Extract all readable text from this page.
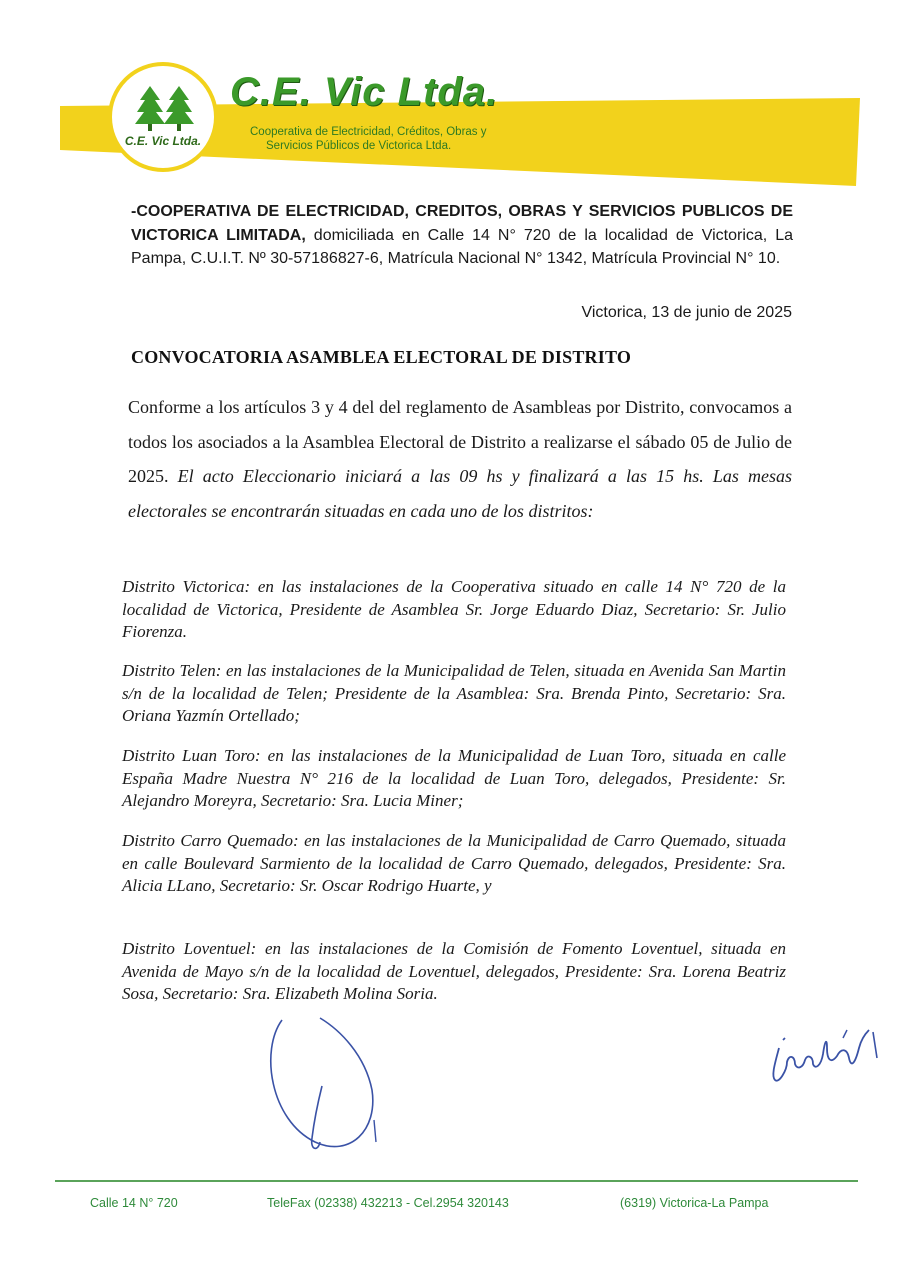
C.E. Vic Ltda.
C.E. Vic Ltda.
Cooperativa de Electricidad, Créditos, Obras y
Servicios Públicos de Victorica Ltda.
-COOPERATIVA DE ELECTRICIDAD, CREDITOS, OBRAS Y SERVICIOS PUBLICOS DE VICTORICA LIMITADA, domiciliada en Calle 14 N° 720 de la localidad de Victorica, La Pampa, C.U.I.T. Nº 30-57186827-6, Matrícula Nacional N° 1342, Matrícula Provincial N° 10.
Victorica, 13 de junio de 2025
CONVOCATORIA ASAMBLEA ELECTORAL DE DISTRITO
Conforme a los artículos 3 y 4 del del reglamento de Asambleas por Distrito, convocamos a todos los asociados a la Asamblea Electoral de Distrito a realizarse el sábado 05 de Julio de 2025. El acto Eleccionario iniciará a las 09 hs y finalizará a las 15 hs. Las mesas electorales se encontrarán situadas en cada uno de los distritos:
Distrito Victorica: en las instalaciones de la Cooperativa situado en calle 14 N° 720 de la localidad de Victorica, Presidente de Asamblea Sr. Jorge Eduardo Diaz, Secretario: Sr. Julio Fiorenza.
Distrito Telen: en las instalaciones de la Municipalidad de Telen, situada en Avenida San Martin s/n de la localidad de Telen; Presidente de la Asamblea: Sra. Brenda Pinto, Secretario: Sra. Oriana Yazmín Ortellado;
Distrito Luan Toro: en las instalaciones de la Municipalidad de Luan Toro, situada en calle España Madre Nuestra N° 216 de la localidad de Luan Toro, delegados, Presidente: Sr. Alejandro Moreyra, Secretario: Sra. Lucia Miner;
Distrito Carro Quemado: en las instalaciones de la Municipalidad de Carro Quemado, situada en calle Boulevard Sarmiento de la localidad de Carro Quemado, delegados, Presidente: Sra. Alicia LLano, Secretario: Sr. Oscar Rodrigo Huarte, y
Distrito Loventuel: en las instalaciones de la Comisión de Fomento Loventuel, situada en Avenida de Mayo s/n de la localidad de Loventuel, delegados, Presidente: Sra. Lorena Beatriz Sosa, Secretario: Sra. Elizabeth Molina Soria.
Calle 14 N° 720	TeleFax (02338) 432213 - Cel.2954 320143	(6319) Victorica-La Pampa
